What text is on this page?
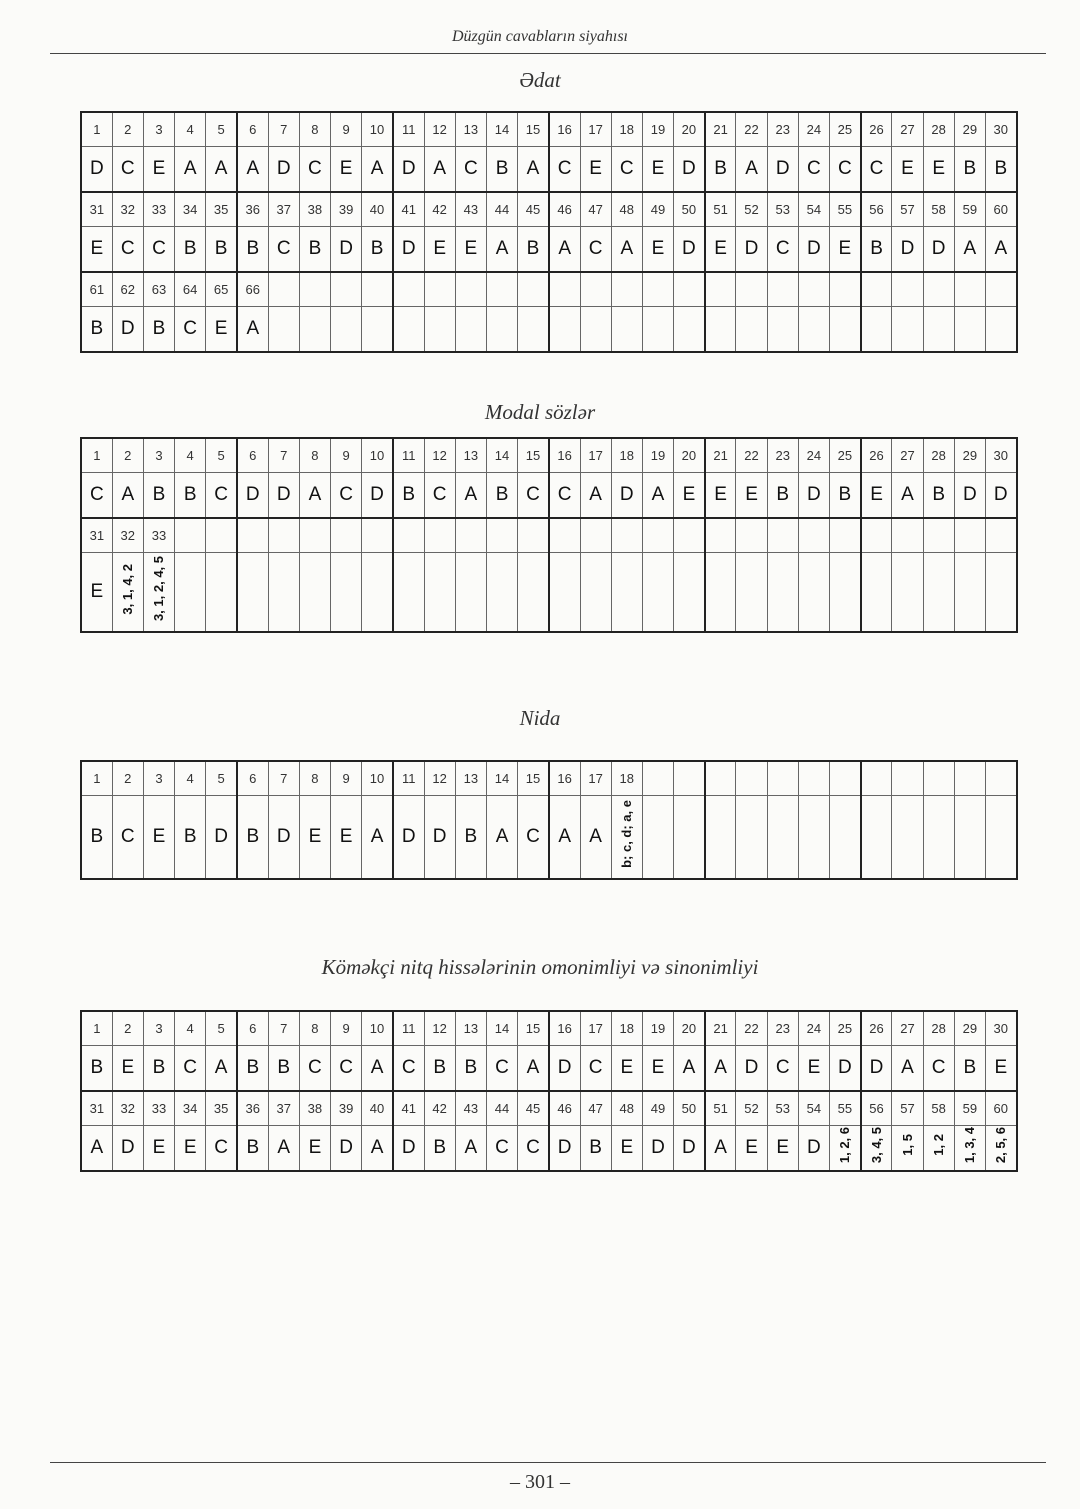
Düzgün cavabların siyahısı
Ədat
1	2	3	4	5	6	7	8	9	10	11	12	13	14	15	16	17	18	19	20	21	22	23	24	25	26	27	28	29	30
D	C	E	A	A	A	D	C	E	A	D	A	C	B	A	C	E	C	E	D	B	A	D	C	C	C	E	E	B	B
31	32	33	34	35	36	37	38	39	40	41	42	43	44	45	46	47	48	49	50	51	52	53	54	55	56	57	58	59	60
E	C	C	B	B	B	C	B	D	B	D	E	E	A	B	A	C	A	E	D	E	D	C	D	E	B	D	D	A	A
61	62	63	64	65	66																								
B	D	B	C	E	A																								
Modal sözlər
1	2	3	4	5	6	7	8	9	10	11	12	13	14	15	16	17	18	19	20	21	22	23	24	25	26	27	28	29	30
C	A	B	B	C	D	D	A	C	D	B	C	A	B	C	C	A	D	A	E	E	E	B	D	B	E	A	B	D	D
31	32	33																											
E	3, 1, 4, 2	3, 1, 2, 4, 5																											
Nida
1	2	3	4	5	6	7	8	9	10	11	12	13	14	15	16	17	18												
B	C	E	B	D	B	D	E	E	A	D	D	B	A	C	A	A	b; c, d; a, e												
Köməkçi nitq hissələrinin omonimliyi və sinonimliyi
1	2	3	4	5	6	7	8	9	10	11	12	13	14	15	16	17	18	19	20	21	22	23	24	25	26	27	28	29	30
B	E	B	C	A	B	B	C	C	A	C	B	B	C	A	D	C	E	E	A	A	D	C	E	D	D	A	C	B	E
31	32	33	34	35	36	37	38	39	40	41	42	43	44	45	46	47	48	49	50	51	52	53	54	55	56	57	58	59	60
A	D	E	E	C	B	A	E	D	A	D	B	A	C	C	D	B	E	D	D	A	E	E	D	1, 2, 6	3, 4, 5	1, 5	1, 2	1, 3, 4	2, 5, 6
– 301 –
